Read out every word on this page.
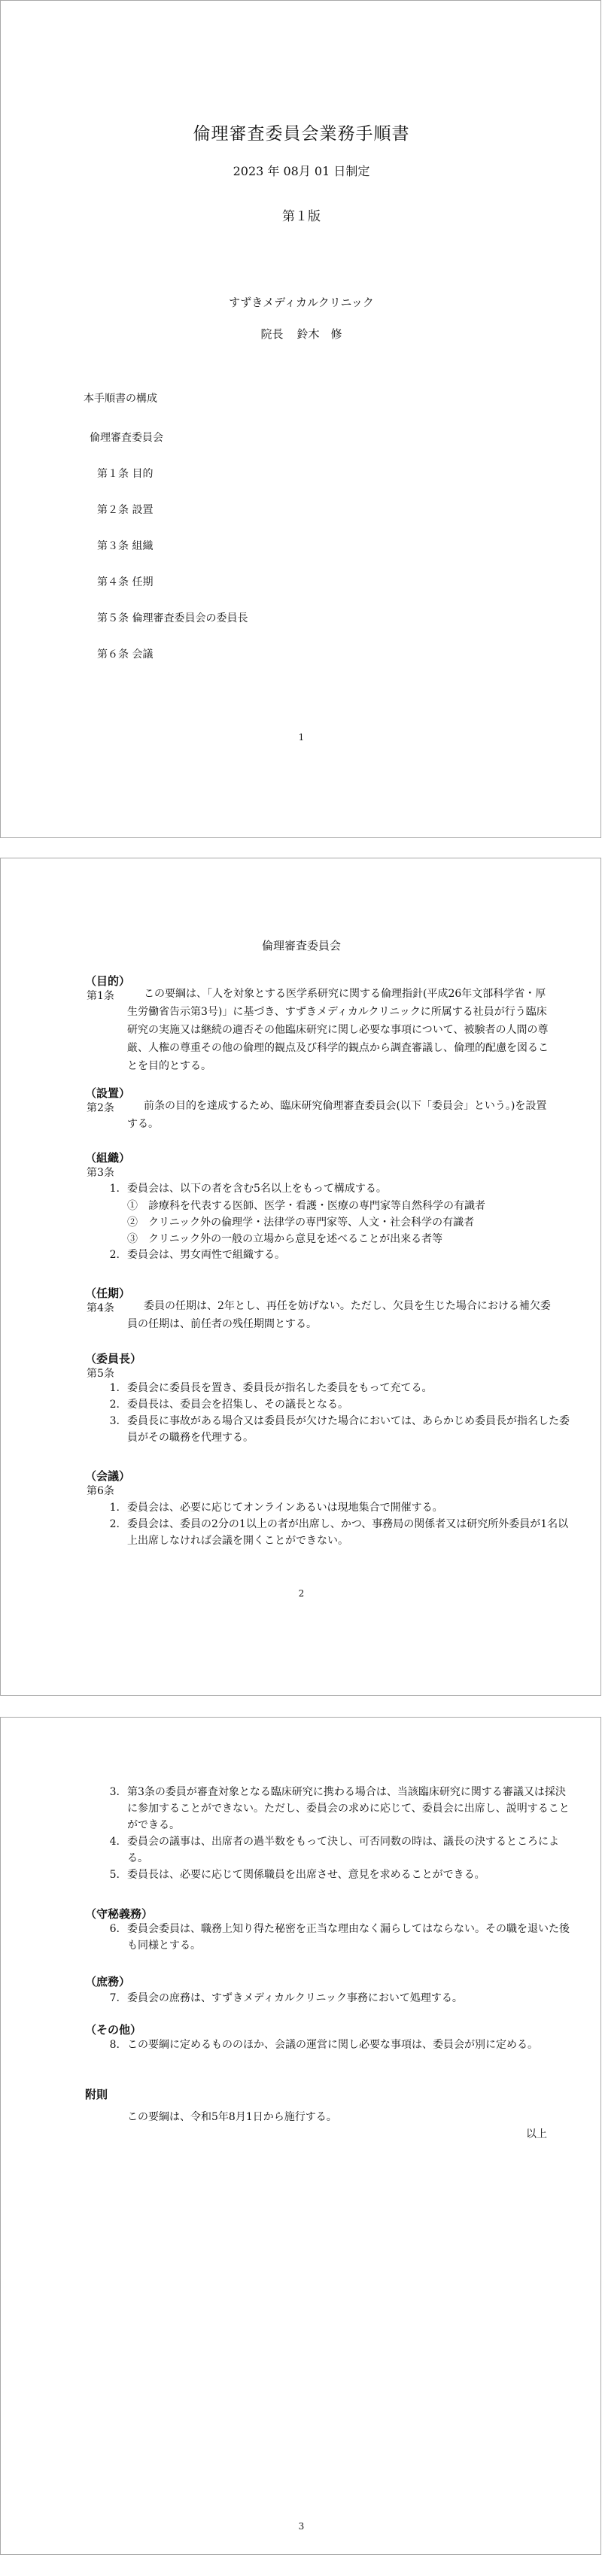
倫理審査委員会業務手順書
2023 年 08月 01 日制定
第１版
すずきメディカルクリニック
院長 鈴木　修
本手順書の構成
倫理審査委員会
第１条 目的
第２条 設置
第３条 組織
第４条 任期
第５条 倫理審査委員会の委員長
第６条 会議
1
倫理審査委員会
（目的）
第1条	この要綱は、「人を対象とする医学系研究に関する倫理指針(平成26年文部科学省・厚生労働省告示第3号)」に基づき、すずきメディカルクリニックに所属する社員が行う臨床研究の実施又は継続の適否その他臨床研究に関し必要な事項について、被験者の人間の尊厳、人権の尊重その他の倫理的観点及び科学的観点から調査審議し、倫理的配慮を図ることを目的とする。
（設置）
第2条	前条の目的を達成するため、臨床研究倫理審査委員会(以下「委員会」という。)を設置する。
（組織）
第3条
1. 委員会は、以下の者を含む5名以上をもって構成する。
①　診療科を代表する医師、医学・看護・医療の専門家等自然科学の有識者
②　クリニック外の倫理学・法律学の専門家等、人文・社会科学の有識者
③　クリニック外の一般の立場から意見を述べることが出来る者等
2. 委員会は、男女両性で組織する。
（任期）
第4条	委員の任期は、2年とし、再任を妨げない。ただし、欠員を生じた場合における補欠委員の任期は、前任者の残任期間とする。
（委員長）
第5条
1. 委員会に委員長を置き、委員長が指名した委員をもって充てる。
2. 委員長は、委員会を招集し、その議長となる。
3. 委員長に事故がある場合又は委員長が欠けた場合においては、あらかじめ委員長が指名した委員がその職務を代理する。
（会議）
第6条
1. 委員会は、必要に応じてオンラインあるいは現地集合で開催する。
2. 委員会は、委員の2分の1以上の者が出席し、かつ、事務局の関係者又は研究所外委員が1名以上出席しなければ会議を開くことができない。
2
3. 第3条の委員が審査対象となる臨床研究に携わる場合は、当該臨床研究に関する審議又は採決に参加することができない。ただし、委員会の求めに応じて、委員会に出席し、説明することができる。
4. 委員会の議事は、出席者の過半数をもって決し、可否同数の時は、議長の決するところによる。
5. 委員長は、必要に応じて関係職員を出席させ、意見を求めることができる。
（守秘義務）
6. 委員会委員は、職務上知り得た秘密を正当な理由なく漏らしてはならない。その職を退いた後も同様とする。
（庶務）
7. 委員会の庶務は、すずきメディカルクリニック事務において処理する。
（その他）
8. この要綱に定めるもののほか、会議の運営に関し必要な事項は、委員会が別に定める。
附則
この要綱は、令和5年8月1日から施行する。
以上
3
